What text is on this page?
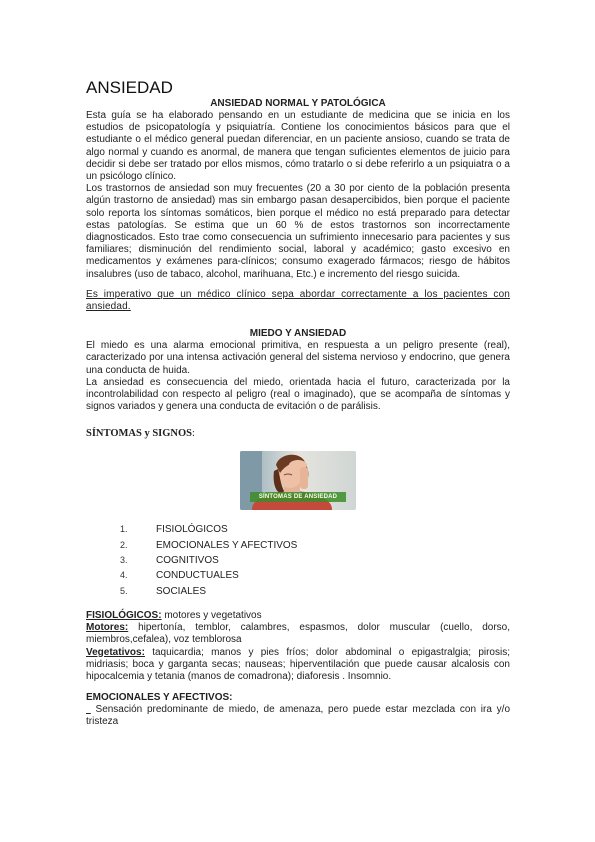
ANSIEDAD

ANSIEDAD NORMAL Y PATOLÓGICA

Esta guía se ha elaborado pensando en un estudiante de medicina que se inicia en los estudios de psicopatología y psiquiatría. Contiene los conocimientos básicos para que el estudiante o el médico general puedan diferenciar, en un paciente ansioso, cuando se trata de algo normal y cuando es anormal, de manera que tengan suficientes elementos de juicio para decidir si debe ser tratado por ellos mismos, cómo tratarlo o si debe referirlo a un psiquiatra o a un psicólogo clínico.

Los trastornos de ansiedad son muy frecuentes (20 a 30 por ciento de la población presenta algún trastorno de ansiedad) mas sin embargo pasan desapercibidos, bien porque el paciente solo reporta los síntomas somáticos, bien porque el médico no está preparado para detectar estas patologías. Se estima que un 60 % de estos trastornos son incorrectamente diagnosticados. Esto trae como consecuencia un sufrimiento innecesario para pacientes y sus familiares; disminución del rendimiento social, laboral y académico; gasto excesivo en medicamentos y exámenes para-clínicos; consumo exagerado fármacos; riesgo de hábitos insalubres (uso de tabaco, alcohol, marihuana, Etc.) e incremento del riesgo suicida.

Es imperativo que un médico clínico sepa abordar correctamente a los pacientes con ansiedad.

MIEDO Y ANSIEDAD

El miedo es una alarma emocional primitiva, en respuesta a un peligro presente (real), caracterizado por una intensa activación general del sistema nervioso y endocrino, que genera una conducta de huida.

La ansiedad es consecuencia del miedo, orientada hacia el futuro, caracterizada por la incontrolabilidad con respecto al peligro (real o imaginado), que se acompaña de síntomas y signos variados y genera una conducta de evitación o de parálisis.

SÍNTOMAS y SIGNOS:
SÍNTOMAS DE ANSIEDAD
1.	FISIOLÓGICOS
2.	EMOCIONALES Y AFECTIVOS
3.	COGNITIVOS
4.	CONDUCTUALES
5.	SOCIALES

FISIOLÓGICOS: motores y vegetativos

Motores: hipertonía, temblor, calambres, espasmos, dolor muscular (cuello, dorso, miembros,cefalea), voz temblorosa

Vegetativos: taquicardia; manos y pies fríos; dolor abdominal o epigastralgia; pirosis; midriasis; boca y garganta secas; nauseas; hiperventilación que puede causar alcalosis con hipocalcemia y tetania (manos de comadrona); diaforesis . Insomnio.

EMOCIONALES Y AFECTIVOS:

Sensación predominante de miedo, de amenaza, pero puede estar mezclada con ira y/o tristeza
